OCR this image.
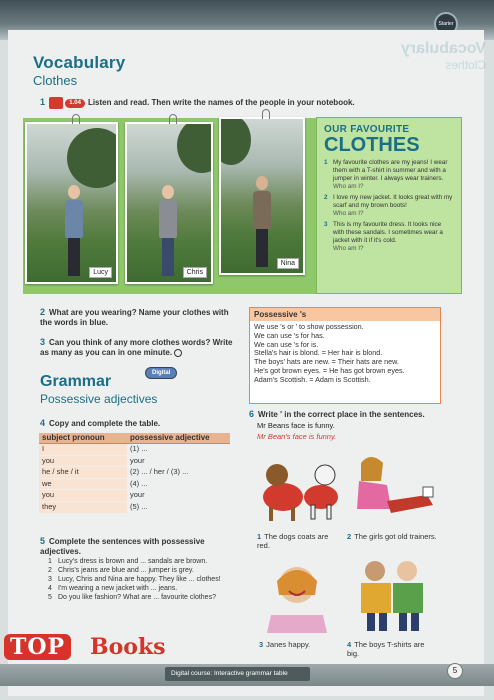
Starter
Vocabulary
Clothes
Vocabulary
Clothes
1	1.04 Listen and read. Then write the names of the people in your notebook.
Lucy	Chris
Nina
OUR FAVOURITE
CLOTHES
1 My favourite clothes are my jeans! I wear them with a T-shirt in summer and with a jumper in winter. I always wear trainers.
Who am I?
2 I love my new jacket. It looks great with my scarf and my brown boots!
Who am I?
3 This is my favourite dress. It looks nice with these sandals. I sometimes wear a jacket with it if it's cold.
Who am I?
2 What are you wearing? Name your clothes with the words in blue.
3 Can you think of any more clothes words? Write as many as you can in one minute.
Possessive 's
We use 's or ' to show possession.
We can use 's for has.
We can use 's for is.
Stella's hair is blond. = Her hair is blond.
The boys' hats are new. = Their hats are new.
He's got brown eyes. = He has got brown eyes.
Adam's Scottish. = Adam is Scottish.
Grammar	Digital
Possessive adjectives
4 Copy and complete the table.
subject pronoun	possessive adjective
I	(1) ...
you	your
he / she / it	(2) ... / her / (3) ...
we	(4) ...
you	your
they	(5) ...
5 Complete the sentences with possessive adjectives.
1 Lucy's dress is brown and ... sandals are brown.
2 Chris's jeans are blue and ... jumper is grey.
3 Lucy, Chris and Nina are happy. They like ... clothes!
4 I'm wearing a new jacket with ... jeans.
5 Do you like fashion? What are ... favourite clothes?
6 Write ' in the correct place in the sentences.
Mr Beans face is funny.
Mr Bean's face is funny.
1 The dogs coats are red.
2 The girls got old trainers.
3 Janes happy.	4 The boys T-shirts are big.
Digital course: Interactive grammar table	5
TOP Books
